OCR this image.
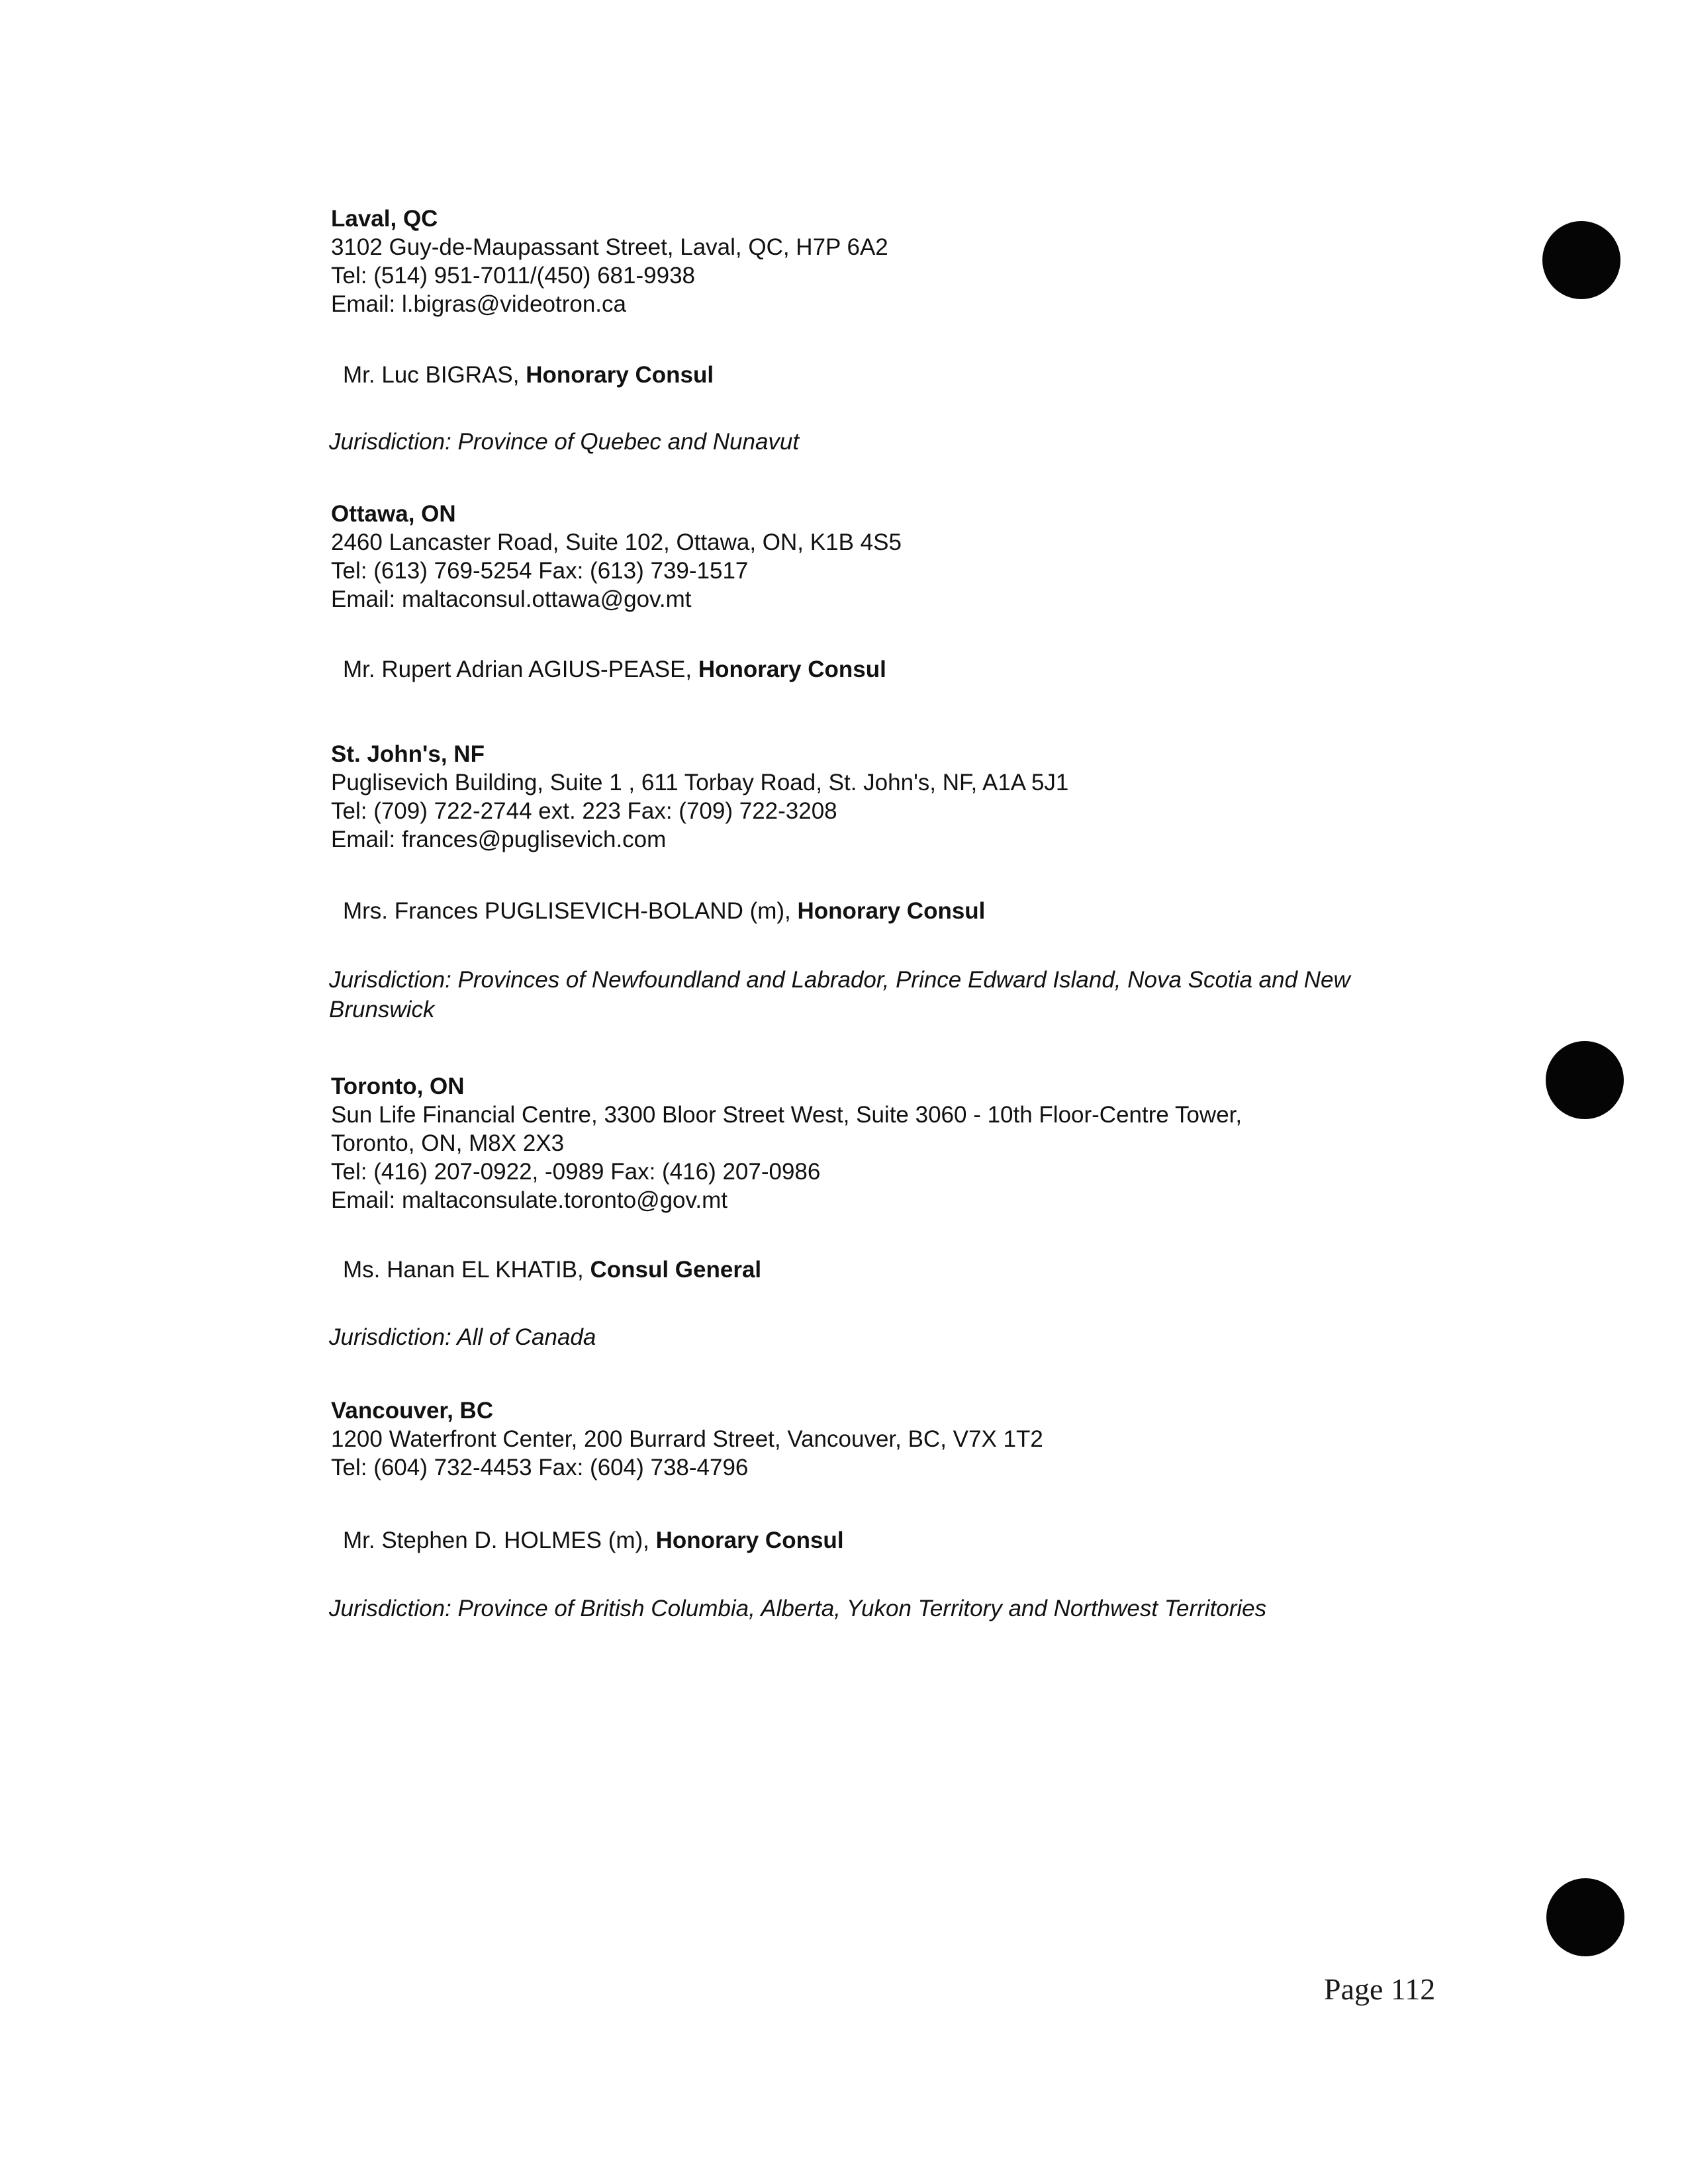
Laval, QC
3102 Guy-de-Maupassant Street, Laval, QC, H7P 6A2
Tel: (514) 951-7011/(450) 681-9938
Email: l.bigras@videotron.ca
Mr. Luc BIGRAS, Honorary Consul
Jurisdiction: Province of Quebec and Nunavut
Ottawa, ON
2460 Lancaster Road, Suite 102, Ottawa, ON, K1B 4S5
Tel: (613) 769-5254 Fax: (613) 739-1517
Email: maltaconsul.ottawa@gov.mt
Mr. Rupert Adrian AGIUS-PEASE, Honorary Consul
St. John's, NF
Puglisevich Building, Suite 1 , 611 Torbay Road, St. John's, NF, A1A 5J1
Tel: (709) 722-2744 ext. 223 Fax: (709) 722-3208
Email: frances@puglisevich.com
Mrs. Frances PUGLISEVICH-BOLAND (m), Honorary Consul
Jurisdiction: Provinces of Newfoundland and Labrador, Prince Edward Island, Nova Scotia and New Brunswick
Toronto, ON
Sun Life Financial Centre, 3300 Bloor Street West, Suite 3060 - 10th Floor-Centre Tower,
Toronto, ON, M8X 2X3
Tel: (416) 207-0922, -0989 Fax: (416) 207-0986
Email: maltaconsulate.toronto@gov.mt
Ms. Hanan EL KHATIB, Consul General
Jurisdiction: All of Canada
Vancouver, BC
1200 Waterfront Center, 200 Burrard Street, Vancouver, BC, V7X 1T2
Tel: (604) 732-4453 Fax: (604) 738-4796
Mr. Stephen D. HOLMES (m), Honorary Consul
Jurisdiction: Province of British Columbia, Alberta, Yukon Territory and Northwest Territories
Page 112
